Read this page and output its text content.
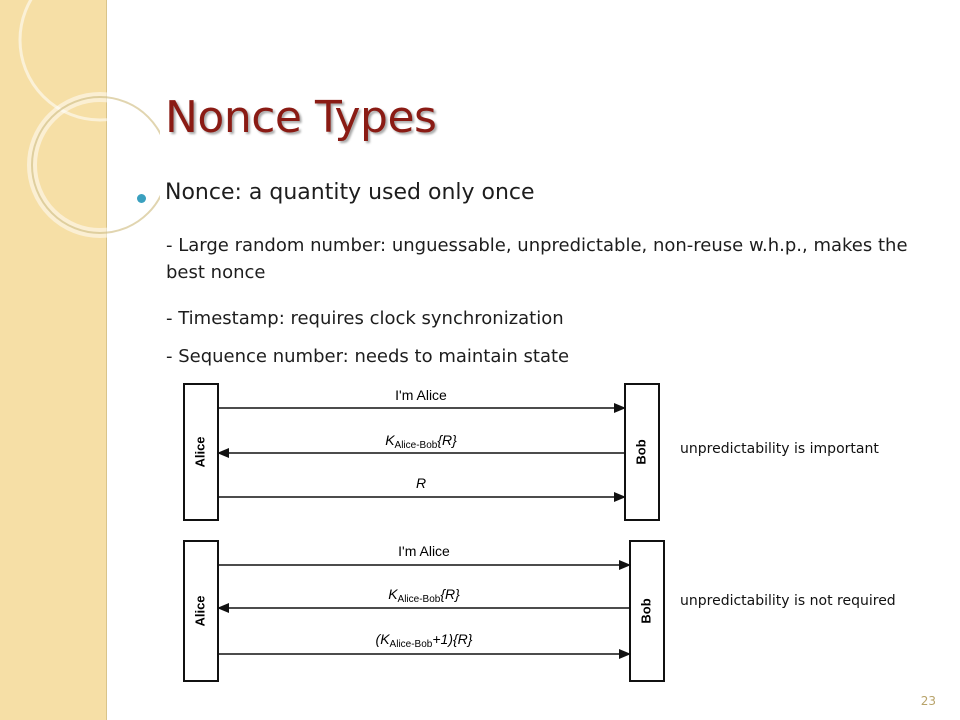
Nonce Types
Nonce: a quantity used only once
- Large random number: unguessable, unpredictable, non-reuse w.h.p., makes the best nonce
- Timestamp: requires clock synchronization
- Sequence number: needs to maintain state
Alice	Bob
I'm Alice
$K_{Alice-Bob}\{R\}$
R
unpredictability is important
Alice	Bob
I'm Alice
$K_{Alice-Bob}\{R\}$
$(K_{Alice-Bob}+1)\{R\}$
unpredictability is not required
23
